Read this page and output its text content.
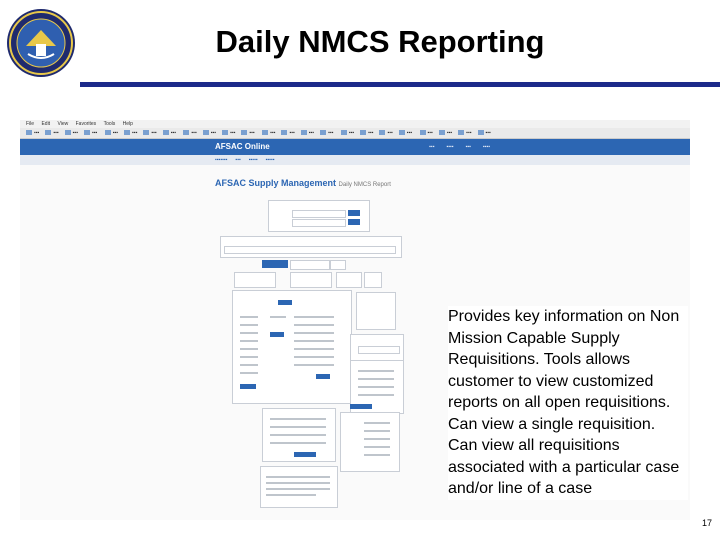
Daily NMCS Reporting
File Edit View Favorites Tools Help
▪▪▪	▪▪▪	▪▪▪	▪▪▪	▪▪▪	▪▪▪	▪▪▪	▪▪▪	▪▪▪	▪▪▪	▪▪▪	▪▪▪	▪▪▪	▪▪▪	▪▪▪	▪▪▪	▪▪▪	▪▪▪	▪▪▪	▪▪▪	▪▪▪	▪▪▪	▪▪▪	▪▪▪
AFSAC Online	▪▪▪ ▪▪▪▪ ▪▪▪ ▪▪▪▪
▪▪▪▪▪▪▪ ▪▪▪ ▪▪▪▪▪ ▪▪▪▪▪
AFSAC Supply Management Daily NMCS Report
Provides key information on Non Mission Capable Supply Requisitions. Tools allows customer to view customized reports on all open requisitions. Can view a single requisition. Can view all requisitions associated with a particular case and/or line of a case
17
